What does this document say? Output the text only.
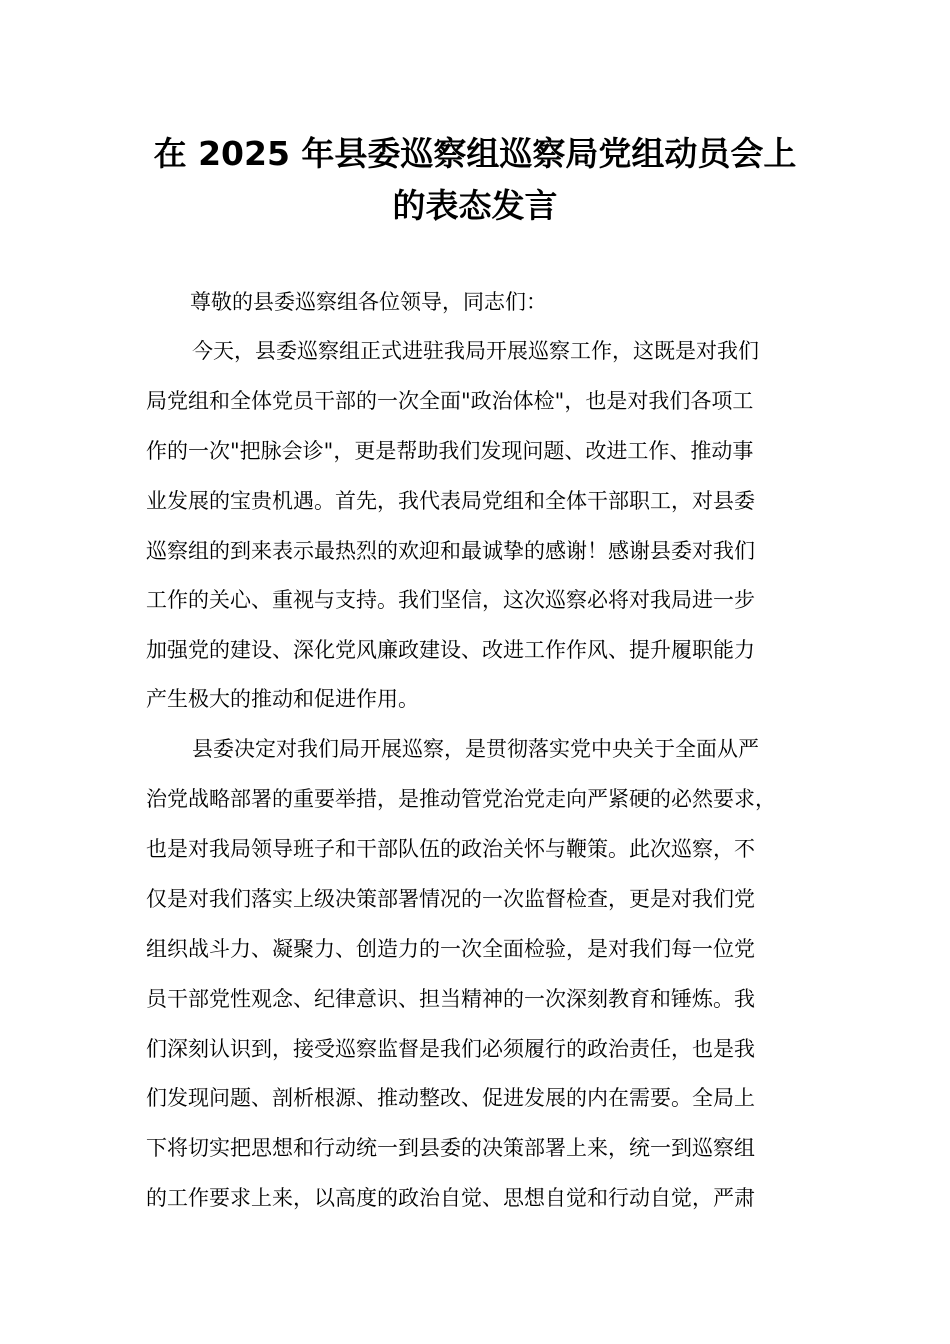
在 2025 年县委巡察组巡察局党组动员会上
的表态发言

尊敬的县委巡察组各位领导，同志们：

今天，县委巡察组正式进驻我局开展巡察工作，这既是对我们

局党组和全体党员干部的一次全面"政治体检"，也是对我们各项工

作的一次"把脉会诊"，更是帮助我们发现问题、改进工作、推动事

业发展的宝贵机遇。首先，我代表局党组和全体干部职工，对县委

巡察组的到来表示最热烈的欢迎和最诚挚的感谢！感谢县委对我们

工作的关心、重视与支持。我们坚信，这次巡察必将对我局进一步

加强党的建设、深化党风廉政建设、改进工作作风、提升履职能力

产生极大的推动和促进作用。

县委决定对我们局开展巡察，是贯彻落实党中央关于全面从严

治党战略部署的重要举措，是推动管党治党走向严紧硬的必然要求，

也是对我局领导班子和干部队伍的政治关怀与鞭策。此次巡察，不

仅是对我们落实上级决策部署情况的一次监督检查，更是对我们党

组织战斗力、凝聚力、创造力的一次全面检验，是对我们每一位党

员干部党性观念、纪律意识、担当精神的一次深刻教育和锤炼。我

们深刻认识到，接受巡察监督是我们必须履行的政治责任，也是我

们发现问题、剖析根源、推动整改、促进发展的内在需要。全局上

下将切实把思想和行动统一到县委的决策部署上来，统一到巡察组

的工作要求上来，以高度的政治自觉、思想自觉和行动自觉，严肃
